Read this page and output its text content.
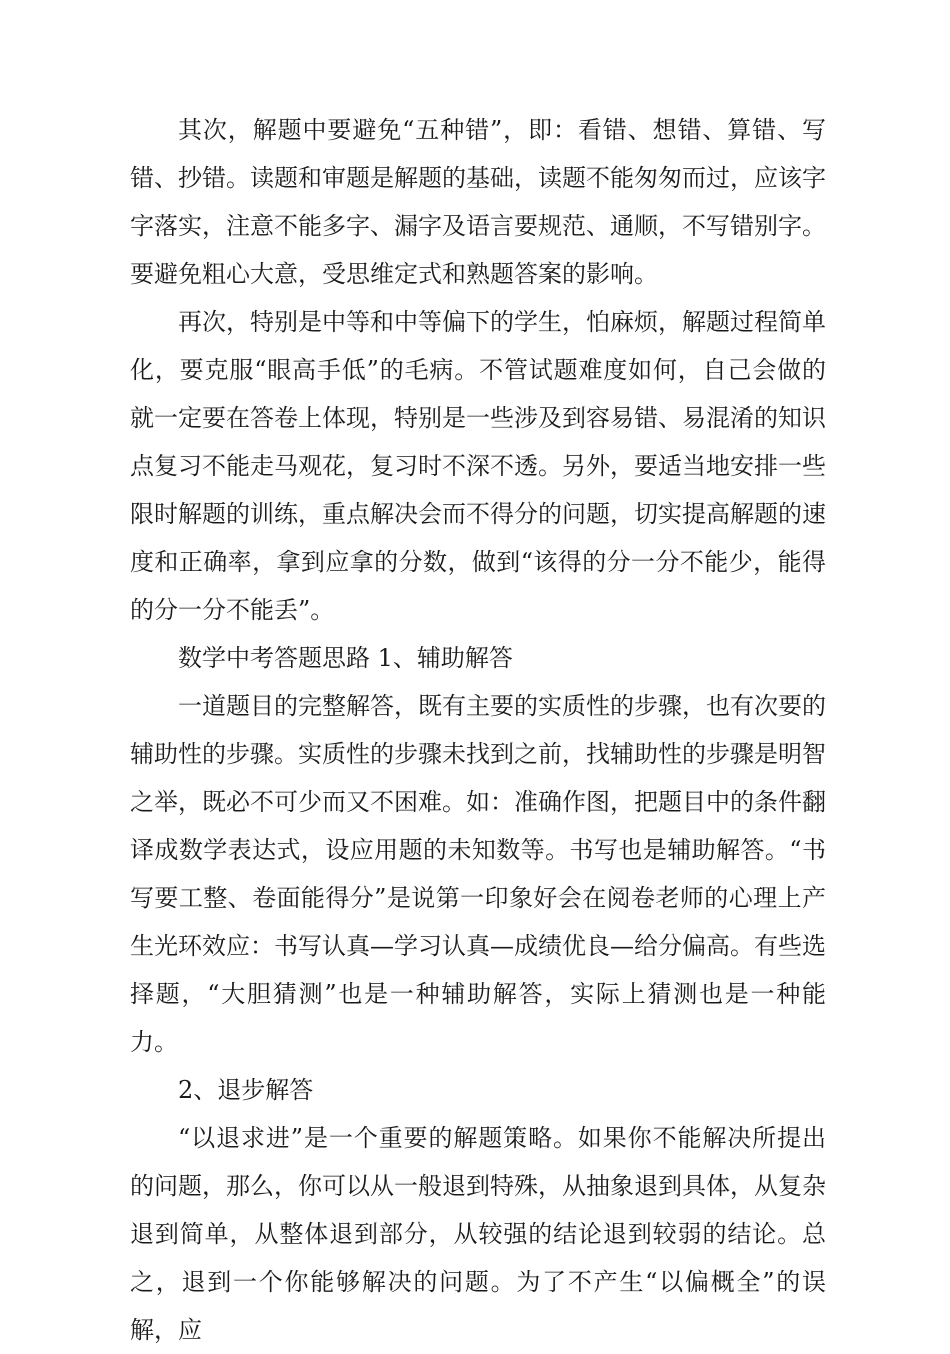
其次，解题中要避免“五种错”，即：看错、想错、算错、写错、抄错。读题和审题是解题的基础，读题不能匆匆而过，应该字字落实，注意不能多字、漏字及语言要规范、通顺，不写错别字。要避免粗心大意，受思维定式和熟题答案的影响。

再次，特别是中等和中等偏下的学生，怕麻烦，解题过程简单化，要克服“眼高手低”的毛病。不管试题难度如何，自己会做的就一定要在答卷上体现，特别是一些涉及到容易错、易混淆的知识点复习不能走马观花，复习时不深不透。另外，要适当地安排一些限时解题的训练，重点解决会而不得分的问题，切实提高解题的速度和正确率，拿到应拿的分数，做到“该得的分一分不能少，能得的分一分不能丢”。

数学中考答题思路 1、辅助解答

一道题目的完整解答，既有主要的实质性的步骤，也有次要的辅助性的步骤。实质性的步骤未找到之前，找辅助性的步骤是明智之举，既必不可少而又不困难。如：准确作图，把题目中的条件翻译成数学表达式，设应用题的未知数等。书写也是辅助解答。“书写要工整、卷面能得分”是说第一印象好会在阅卷老师的心理上产生光环效应：书写认真—学习认真—成绩优良—给分偏高。有些选择题，“大胆猜测”也是一种辅助解答，实际上猜测也是一种能力。

2、退步解答

“以退求进”是一个重要的解题策略。如果你不能解决所提出的问题，那么，你可以从一般退到特殊，从抽象退到具体，从复杂退到简单，从整体退到部分，从较强的结论退到较弱的结论。总之，退到一个你能够解决的问题。为了不产生“以偏概全”的误解，应
